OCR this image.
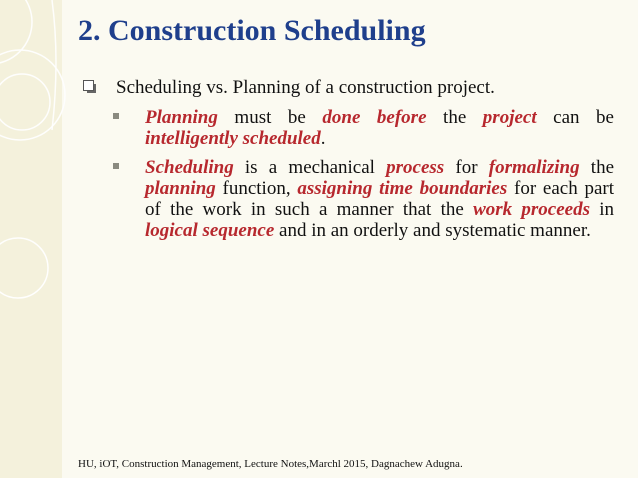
2. Construction Scheduling
Scheduling vs. Planning of a construction project.
Planning must be done before the project can be intelligently scheduled.
Scheduling is a mechanical process for formalizing the planning function, assigning time boundaries for each part of the work in such a manner that the work proceeds in logical sequence and in an orderly and systematic manner.
HU, iOT, Construction Management, Lecture Notes,Marchl 2015, Dagnachew Adugna.
